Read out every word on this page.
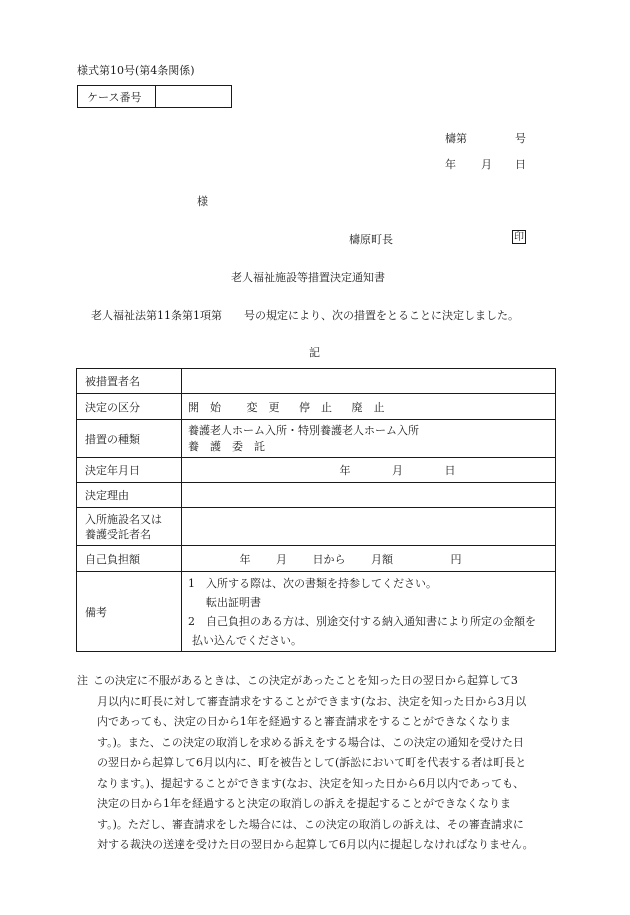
様式第10号(第4条関係)
ケース番号
檮第	号
年 月 日
様
檮原町長	印
老人福祉施設等措置決定通知書
老人福祉法第11条第1項第 号の規定により、次の措置をとることに決定しました。
記
被措置者名	

決定の区分	開　始 変　更 停　止 廃　止
措置の種類	養護老人ホーム入所・特別養護老人ホーム入所
養　護　委　託

決定年月日	年 月 日
決定理由	

入所施設名又は
養護受託者名	

自己負担額	年 月 日から 月額 円
備考	1　入所する際は、次の書類を持参してください。
転出証明書
2　自己負担のある方は、別途交付する納入通知書により所定の金額を
払い込んでください。
注 この決定に不服があるときは、この決定があったことを知った日の翌日から起算して3
月以内に町長に対して審査請求をすることができます(なお、決定を知った日から3月以
内であっても、決定の日から1年を経過すると審査請求をすることができなくなりま
す。)。また、この決定の取消しを求める訴えをする場合は、この決定の通知を受けた日
の翌日から起算して6月以内に、町を被告として(訴訟において町を代表する者は町長と
なります。)、提起することができます(なお、決定を知った日から6月以内であっても、
決定の日から1年を経過すると決定の取消しの訴えを提起することができなくなりま
す。)。ただし、審査請求をした場合には、この決定の取消しの訴えは、その審査請求に
対する裁決の送達を受けた日の翌日から起算して6月以内に提起しなければなりません。
